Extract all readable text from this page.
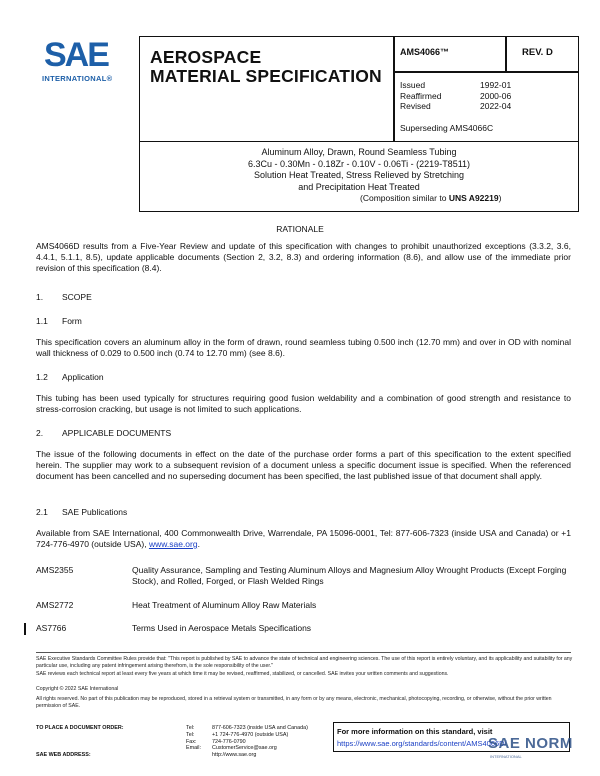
SAE
INTERNATIONAL®
AEROSPACE
MATERIAL SPECIFICATION
AMS4066™	REV. D
Issued	1992-01
Reaffirmed	2000-06
Revised	2022-04
Superseding AMS4066C
Aluminum Alloy, Drawn, Round Seamless Tubing
6.3Cu - 0.30Mn - 0.18Zr - 0.10V - 0.06Ti - (2219-T8511)
Solution Heat Treated, Stress Relieved by Stretching
and Precipitation Heat Treated
(Composition similar to UNS A92219)
RATIONALE
AMS4066D results from a Five-Year Review and update of this specification with changes to prohibit unauthorized exceptions (3.3.2, 3.6, 4.4.1, 5.1.1, 8.5), update applicable documents (Section 2, 3.2, 8.3) and ordering information (8.6), and allow use of the immediate prior revision of this specification (8.4).
1. SCOPE
1.1 Form
This specification covers an aluminum alloy in the form of drawn, round seamless tubing 0.500 inch (12.70 mm) and over in OD with nominal wall thickness of 0.029 to 0.500 inch (0.74 to 12.70 mm) (see 8.6).
1.2 Application
This tubing has been used typically for structures requiring good fusion weldability and a combination of good strength and resistance to stress-corrosion cracking, but usage is not limited to such applications.
2. APPLICABLE DOCUMENTS
The issue of the following documents in effect on the date of the purchase order forms a part of this specification to the extent specified herein. The supplier may work to a subsequent revision of a document unless a specific document issue is specified. When the referenced document has been cancelled and no superseding document has been specified, the last published issue of that document shall apply.
2.1 SAE Publications
Available from SAE International, 400 Commonwealth Drive, Warrendale, PA 15096-0001, Tel: 877-606-7323 (inside USA and Canada) or +1 724-776-4970 (outside USA), www.sae.org.
AMS2355	Quality Assurance, Sampling and Testing Aluminum Alloys and Magnesium Alloy Wrought Products (Except Forging Stock), and Rolled, Forged, or Flash Welded Rings
AMS2772	Heat Treatment of Aluminum Alloy Raw Materials
AS7766	Terms Used in Aerospace Metals Specifications
SAE Executive Standards Committee Rules provide that: "This report is published by SAE to advance the state of technical and engineering sciences. The use of this report is entirely voluntary, and its applicability and suitability for any particular use, including any patent infringement arising therefrom, is the sole responsibility of the user."
SAE reviews each technical report at least every five years at which time it may be revised, reaffirmed, stabilized, or cancelled. SAE invites your written comments and suggestions.
Copyright © 2022 SAE International
All rights reserved. No part of this publication may be reproduced, stored in a retrieval system or transmitted, in any form or by any means, electronic, mechanical, photocopying, recording, or otherwise, without the prior written permission of SAE.
TO PLACE A DOCUMENT ORDER:	Tel:	877-606-7323 (inside USA and Canada)
Tel:	+1 724-776-4970 (outside USA)
Fax:	724-776-0790
Email: CustomerService@sae.org
SAE WEB ADDRESS:	http://www.sae.org
For more information on this standard, visit
https://www.sae.org/standards/content/AMS4066D/
SAE NORM
INTERNATIONAL
